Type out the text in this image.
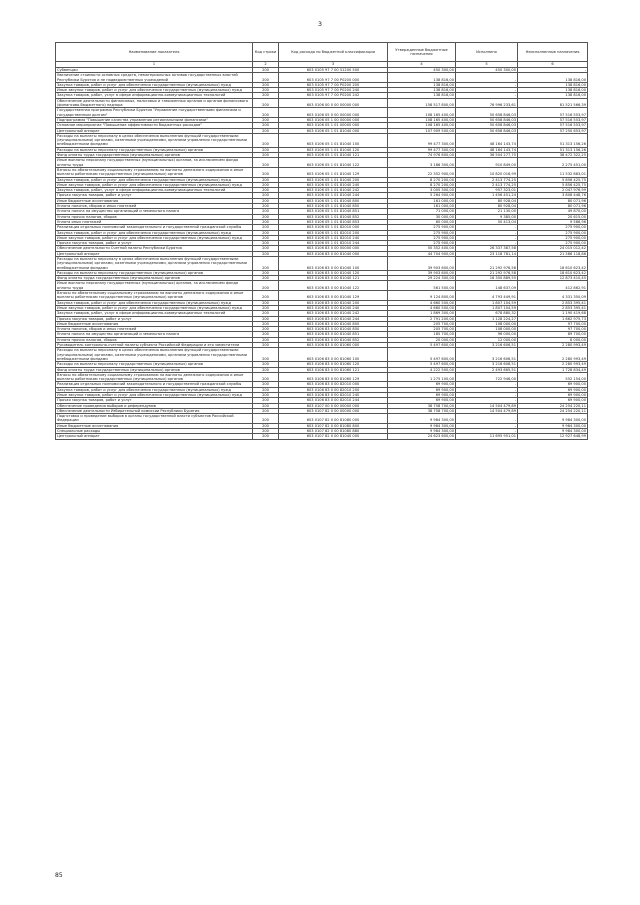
3
Наименование показателя	Код строки	Код расхода по бюджетной классификации	Утвержденные бюджетные назначения	Исполнено	Неисполненные назначения
1	2	3	4	5	6
Субвенции	200	603 0105 97 7 00 51200 500	450 300,00	450 300,00	-
Увеличение стоимости основных средств, нематериальных активов государственных властей Республики Бурятия и не подведомственных учреждений	200	603 0105 97 7 00 P0200 000	138 816,00	-	138 816,00
Закупка товаров, работ и услуг для обеспечения государственных (муниципальных) нужд	200	603 0105 97 7 00 P0200 200	138 816,00	-	138 816,00
Иные закупки товаров, работ и услуг для обеспечения государственных (муниципальных) нужд	200	603 0105 97 7 00 P0200 240	138 816,00	-	138 816,00
Закупка товаров, работ, услуг в сфере информационно-коммуникационных технологий	200	603 0105 97 7 00 P0200 242	138 816,00	-	138 816,00
Обеспечение деятельности финансовых, налоговых и таможенных органов и органов финансового (финансово-бюджетного) надзора	200	603 0106 00 0 00 00000 000	158 517 800,00	76 996 233,61	81 521 566,39
Государственная программа Республики Бурятия "Управление государственными финансами и государственным долгом"	200	603 0106 05 0 00 00000 000	108 165 400,00	50 658 846,03	57 516 553,97
Подпрограмма "Повышение качества управления региональными финансами"	200	603 0106 05 1 00 00000 000	108 165 400,00	50 658 846,03	57 516 553,97
Основное мероприятие "Повышение эффективности бюджетных расходов"	200	603 0106 05 1 01 00000 000	108 165 400,00	50 658 846,03	57 516 553,97
Центральный аппарат	200	603 0106 05 1 01 81040 000	107 909 500,00	50 658 846,03	57 250 653,97
Расходы на выплаты персоналу в целях обеспечения выполнения функций государственными (муниципальными) органами, казенными учреждениями, органами управления государственными внебюджетными фондами	200	603 0106 05 1 01 81040 100	99 477 300,00	48 164 143,74	51 313 156,26
Расходы на выплаты персоналу государственных (муниципальных) органов	200	603 0106 05 1 01 81040 120	99 477 300,00	48 164 143,74	51 313 156,26
Фонд оплаты труда государственных (муниципальных) органов	200	603 0106 05 1 01 81040 121	74 976 600,00	36 504 277,75	38 472 322,25
Иные выплаты персоналу государственных (муниципальных) органов, за исключением фонда оплаты труда	200	603 0106 05 1 01 81040 122	3 186 300,00	910 849,00	2 275 451,00
Взносы по обязательному социальному страхованию на выплаты денежного содержания и иные выплаты работникам государственных (муниципальных) органов	200	603 0106 05 1 01 81040 129	22 352 900,00	10 820 016,99	11 532 883,01
Закупка товаров, работ и услуг для обеспечения государственных (муниципальных) нужд	200	603 0106 05 1 01 81040 200	8 270 200,00	2 413 774,25	5 856 425,75
Иные закупки товаров, работ и услуг для обеспечения государственных (муниципальных) нужд	200	603 0106 05 1 01 81040 240	8 270 200,00	2 413 774,25	5 856 425,75
Закупка товаров, работ, услуг в сфере информационно-коммуникационных технологий	200	603 0106 05 1 01 81040 242	3 005 300,00	957 323,01	2 047 976,99
Прочая закупка товаров, работ и услуг	200	603 0106 05 1 01 81040 244	5 264 900,00	1 456 451,24	3 808 448,76
Иные бюджетные ассигнования	200	603 0106 05 1 01 81040 800	161 000,00	80 928,04	80 071,96
Уплата налогов, сборов и иных платежей	200	603 0106 05 1 01 81040 850	161 000,00	80 928,04	80 071,96
Уплата налога на имущество организаций и земельного налога	200	603 0106 05 1 01 81040 851	71 000,00	21 130,00	49 870,00
Уплата прочих налогов, сборов	200	603 0106 05 1 01 81040 852	30 000,00	9 385,00	20 615,00
Уплата иных платежей	200	603 0106 05 1 01 81040 853	60 000,00	50 413,04	9 586,96
Реализация отдельных полномочий законодательного и государственной гражданской службы	200	603 0106 05 1 01 82010 000	275 900,00	-	275 900,00
Закупка товаров, работ и услуг для обеспечения государственных (муниципальных) нужд	200	603 0106 05 1 01 82010 200	275 900,00	-	275 900,00
Иные закупки товаров, работ и услуг для обеспечения государственных (муниципальных) нужд	200	603 0106 05 1 01 82010 240	275 900,00	-	275 900,00
Прочая закупка товаров, работ и услуг	200	603 0106 05 1 01 82010 244	275 900,00	-	275 900,00
Обеспечение деятельности Счетной палаты Республики Бурятия	200	603 0106 83 0 00 00000 000	50 352 400,00	26 337 387,58	24 015 012,42
Центральный аппарат	200	603 0106 83 0 00 81040 000	44 704 900,00	23 118 781,14	21 586 118,86
Расходы на выплаты персоналу в целях обеспечения выполнения функций государственными (муниципальными) органами, казенными учреждениями, органами управления государственными внебюджетными фондами	200	603 0106 83 0 00 81040 100	39 903 600,00	21 292 976,58	18 610 623,42
Расходы на выплаты персоналу государственных (муниципальных) органов	200	603 0106 83 0 00 81040 120	39 903 600,00	21 292 976,58	18 610 623,42
Фонд оплаты труда государственных (муниципальных) органов	200	603 0106 83 0 00 81040 121	29 224 300,00	16 350 889,55	12 873 410,45
Иные выплаты персоналу государственных (муниципальных) органов, за исключением фонда оплаты труда	200	603 0106 83 0 00 81040 122	561 500,00	148 637,09	412 862,91
Взносы по обязательному социальному страхованию на выплаты денежного содержания и иные выплаты работникам государственных (муниципальных) органов	200	603 0106 83 0 00 81040 129	9 124 800,00	4 793 449,91	4 331 350,09
Закупка товаров, работ и услуг для обеспечения государственных (муниципальных) нужд	200	603 0106 83 0 00 81040 200	4 660 500,00	1 807 104,59	2 853 395,41
Иные закупки товаров, работ и услуг для обеспечения государственных (муниципальных) нужд	200	603 0106 83 0 00 81040 240	4 660 500,00	1 807 104,59	2 853 395,41
Закупка товаров, работ, услуг в сфере информационно-коммуникационных технологий	200	603 0106 83 0 00 81040 242	1 869 300,00	678 880,32	1 190 419,68
Прочая закупка товаров, работ и услуг	200	603 0106 83 0 00 81040 244	2 791 200,00	1 128 224,27	1 662 975,73
Иные бюджетные ассигнования	200	603 0106 83 0 00 81040 800	205 700,00	108 000,00	97 700,00
Уплата налогов, сборов и иных платежей	200	603 0106 83 0 00 81040 850	205 700,00	108 000,00	97 700,00
Уплата налога на имущество организаций и земельного налога	200	603 0106 83 0 00 81040 851	185 700,00	96 000,00	89 700,00
Уплата прочих налогов, сборов	200	603 0106 83 0 00 81040 852	20 000,00	12 000,00	8 000,00
Руководитель контрольно-счетной палаты субъекта Российской Федерации и его заместители	200	603 0106 83 0 00 81060 000	5 497 600,00	3 216 606,51	2 280 993,49
Расходы на выплаты персоналу в целях обеспечения выполнения функций государственными (муниципальными) органами, казенными учреждениями, органами управления государственными внебюджетными фондами	200	603 0106 83 0 00 81060 100	5 497 600,00	3 216 606,51	2 280 993,49
Расходы на выплаты персоналу государственных (муниципальных) органов	200	603 0106 83 0 00 81060 120	5 497 600,00	3 216 606,51	2 280 993,49
Фонд оплаты труда государственных (муниципальных) органов	200	603 0106 83 0 00 81060 121	4 222 500,00	2 493 665,51	1 728 834,49
Взносы по обязательному социальному страхованию на выплаты денежного содержания и иные выплаты работникам государственных (муниципальных) органов	200	603 0106 83 0 00 81060 129	1 275 100,00	722 946,00	552 154,00
Реализация отдельных полномочий законодательного и государственной гражданской службы	200	603 0106 83 0 00 82010 000	69 900,00	-	69 900,00
Закупка товаров, работ и услуг для обеспечения государственных (муниципальных) нужд	200	603 0106 83 0 00 82010 200	69 900,00	-	69 900,00
Иные закупки товаров, работ и услуг для обеспечения государственных (муниципальных) нужд	200	603 0106 83 0 00 82010 240	69 900,00	-	69 900,00
Прочая закупка товаров, работ и услуг	200	603 0106 83 0 00 82010 244	69 900,00	-	69 900,00
Обеспечение проведения выборов и референдумов	200	603 0107 00 0 00 00000 000	38 758 700,00	14 504 479,89	24 254 220,11
Обеспечение деятельности Избирательной комиссии Республики Бурятия	200	603 0107 82 0 00 00000 000	38 758 700,00	14 504 479,89	24 254 220,11
Подготовка и проведение выборов в органы государственной власти субъектов Российской Федерации	200	603 0107 82 0 00 81080 000	9 984 300,00	-	9 984 300,00
Иные бюджетные ассигнования	200	603 0107 82 0 00 81080 800	9 984 300,00	-	9 984 300,00
Специальные расходы	200	603 0107 82 0 00 81080 880	9 984 300,00	-	9 984 300,00
Центральный аппарат	200	603 0107 82 0 00 81040 000	24 623 600,00	11 695 951,01	12 927 648,99
85
